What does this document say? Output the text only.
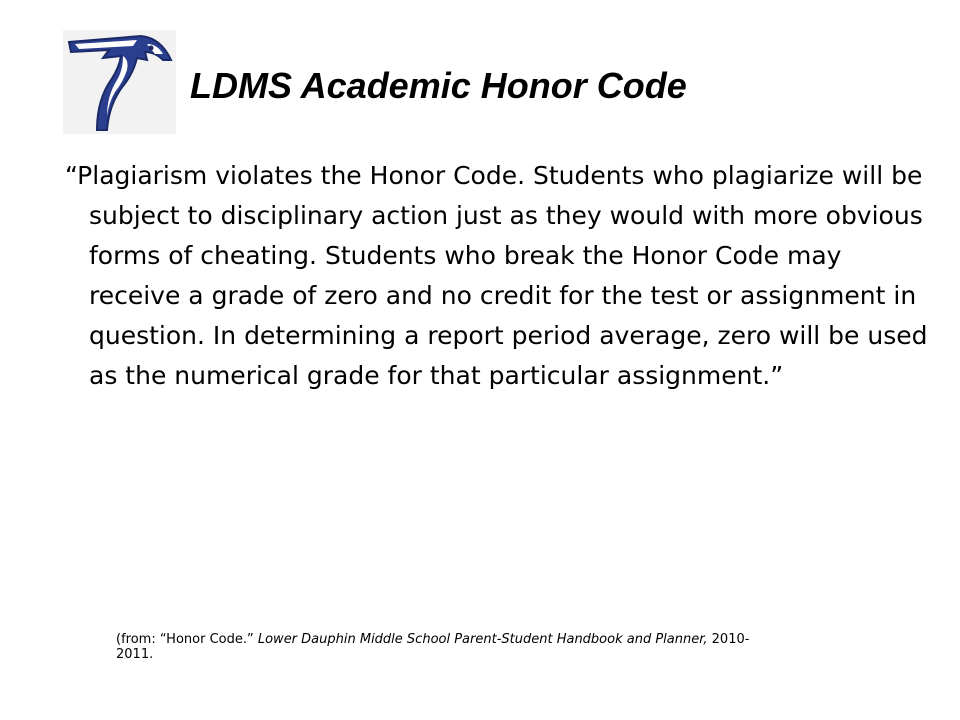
LDMS Academic Honor Code

“Plagiarism violates the Honor Code. Students who plagiarize will be subject to disciplinary action just as they would with more obvious forms of cheating. Students who break the Honor Code may receive a grade of zero and no credit for the test or assignment in question. In determining a report period average, zero will be used as the numerical grade for that particular assignment.”

(from: “Honor Code.” Lower Dauphin Middle School Parent-Student Handbook and Planner, 2010-2011.
